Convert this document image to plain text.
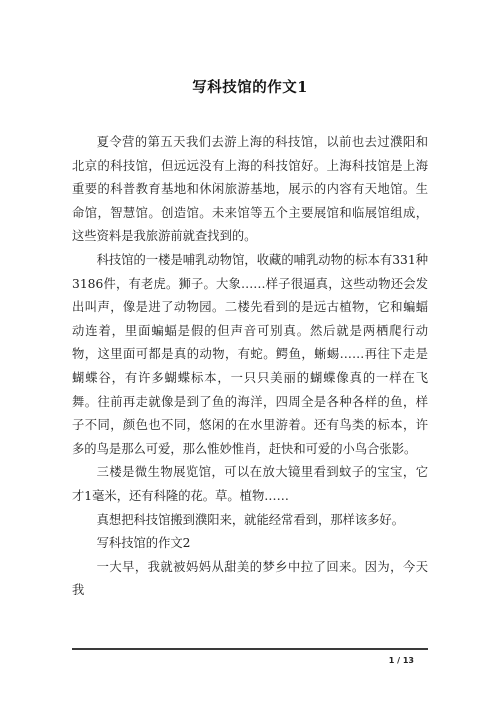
写科技馆的作文1

夏令营的第五天我们去游上海的科技馆，以前也去过濮阳和北京的科技馆，但远远没有上海的科技馆好。上海科技馆是上海重要的科普教育基地和休闲旅游基地，展示的内容有天地馆。生命馆，智慧馆。创造馆。未来馆等五个主要展馆和临展馆组成，这些资料是我旅游前就查找到的。

科技馆的一楼是哺乳动物馆，收藏的哺乳动物的标本有331种3186件，有老虎。狮子。大象……样子很逼真，这些动物还会发出叫声，像是进了动物园。二楼先看到的是远古植物，它和蝙蝠动连着，里面蝙蝠是假的但声音可别真。然后就是两栖爬行动物，这里面可都是真的动物，有蛇。鳄鱼，蜥蜴……再往下走是蝴蝶谷，有许多蝴蝶标本，一只只美丽的蝴蝶像真的一样在飞舞。往前再走就像是到了鱼的海洋，四周全是各种各样的鱼，样子不同，颜色也不同，悠闲的在水里游着。还有鸟类的标本，许多的鸟是那么可爱，那么惟妙惟肖，赶快和可爱的小鸟合张影。

三楼是微生物展览馆，可以在放大镜里看到蚊子的宝宝，它才1毫米，还有科隆的花。草。植物……

真想把科技馆搬到濮阳来，就能经常看到，那样该多好。

写科技馆的作文2

一大早，我就被妈妈从甜美的梦乡中拉了回来。因为，今天我

1 / 13
